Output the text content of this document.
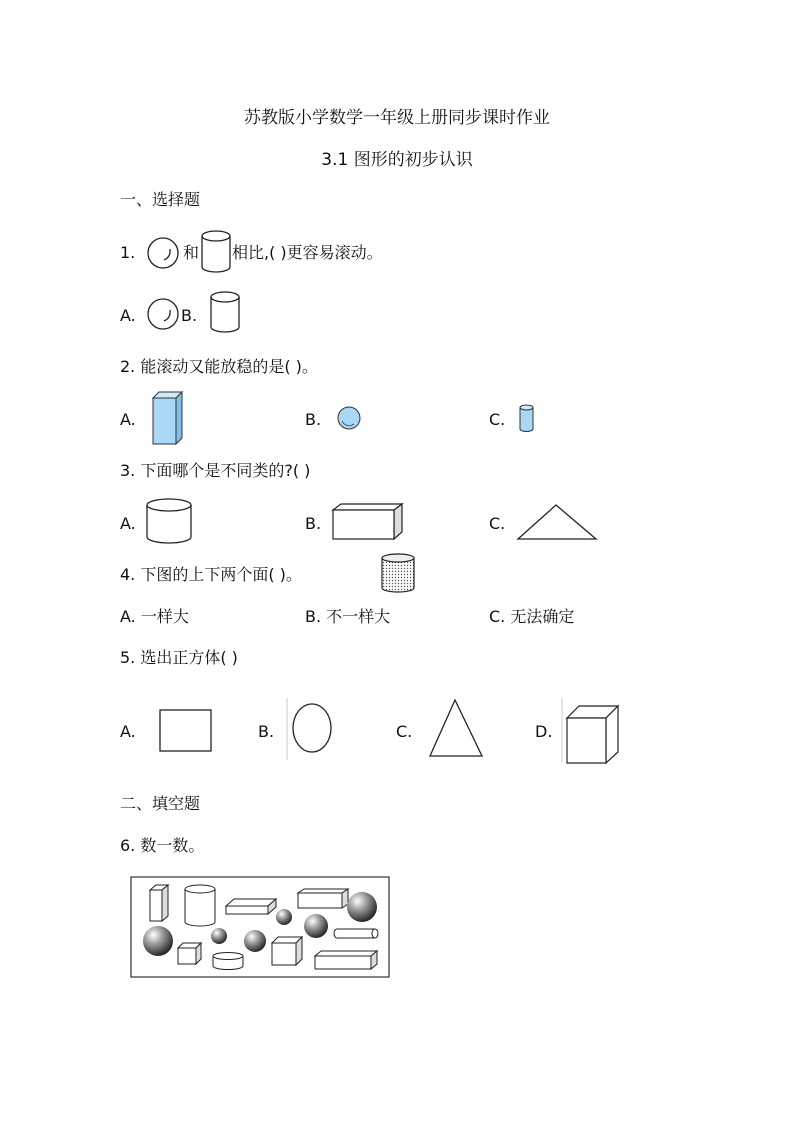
苏教版小学数学一年级上册同步课时作业
3.1 图形的初步认识
一、选择题
1.	和 相比,( )更容易滚动。
A.	B.
2. 能滚动又能放稳的是( )。
A.	B.	C.
3. 下面哪个是不同类的?( )
A.	B.	C.
4. 下图的上下两个面( )。
A. 一样大	B. 不一样大	C. 无法确定
5. 选出正方体( )
A.	B.	C.	D.
二、填空题
6. 数一数。
